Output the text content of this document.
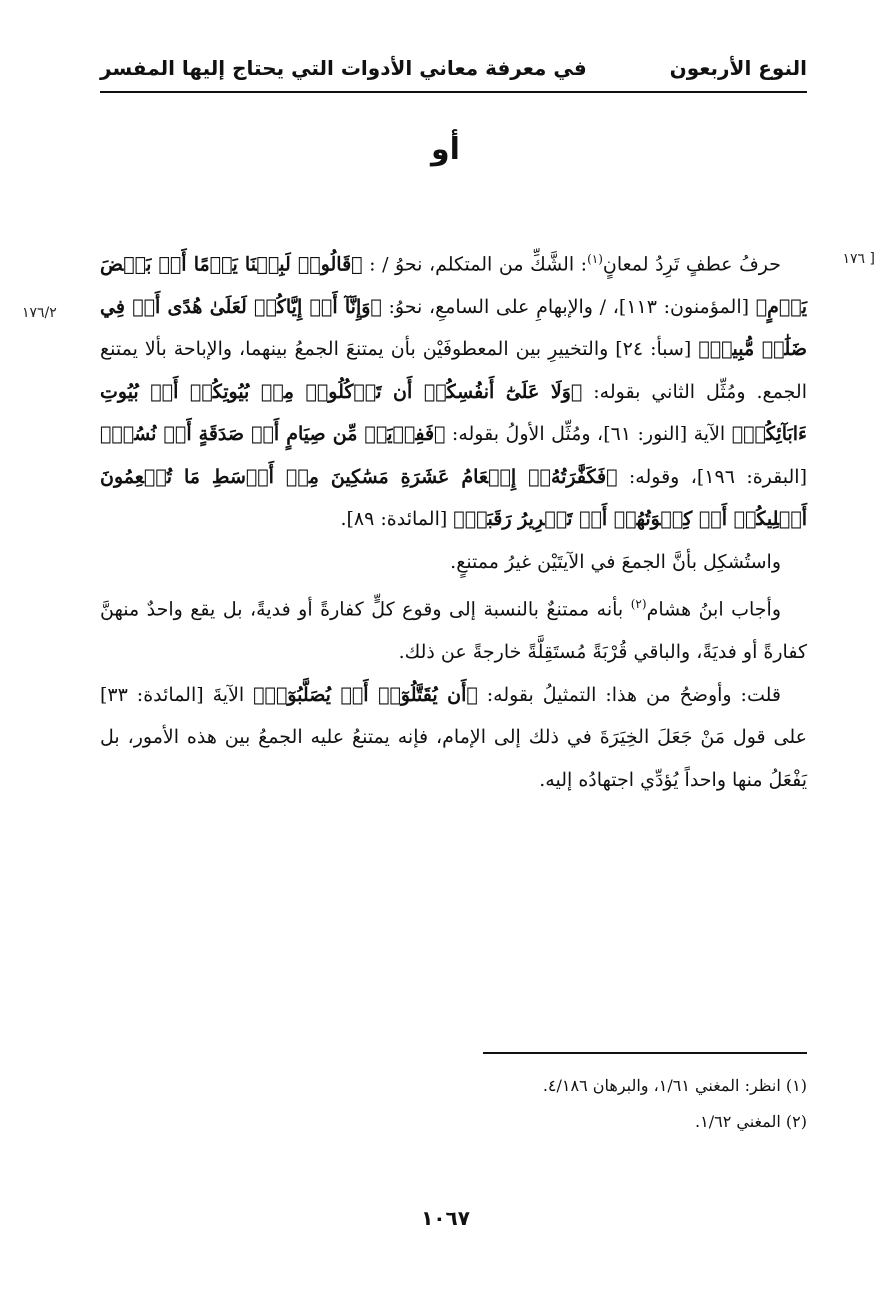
النوع الأربعون
في معرفة معاني الأدوات التي يحتاج إليها المفسر
أو
[ ١٧٦
١٧٦/٢

حرفُ عطفٍ تَرِدُ لمعانٍ$^{(١)}$: الشَّكِّ من المتكلم، نحوُ / : ﴿قَالُوا۟ لَبِثۡنَا يَوۡمًا أَوۡ بَعۡضَ يَوۡمٍ﴾ [المؤمنون: ١١٣]، / والإبهامِ على السامعِ، نحوُ: ﴿وَإِنَّآ أَوۡ إِيَّاكُمۡ لَعَلَىٰ هُدًى أَوۡ فِي ضَلَٰلٖ مُّبِينٖ﴾ [سبأ: ٢٤] والتخييرِ بين المعطوفَيْن بأن يمتنعَ الجمعُ بينهما، والإباحة بألا يمتنع الجمع. ومُثِّل الثاني بقوله: ﴿وَلَا عَلَىٰٓ أَنفُسِكُمۡ أَن تَأۡكُلُوا۟ مِنۢ بُيُوتِكُمۡ أَوۡ بُيُوتِ ءَابَآئِكُمۡ﴾ الآية [النور: ٦١]، ومُثِّل الأولُ بقوله: ﴿فَفِدۡيَةٞ مِّن صِيَامٍ أَوۡ صَدَقَةٍ أَوۡ نُسُكٖ﴾ [البقرة: ١٩٦]، وقوله: ﴿فَكَفَّٰرَتُهُۥٓ إِطۡعَامُ عَشَرَةِ مَسَٰكِينَ مِنۡ أَوۡسَطِ مَا تُطۡعِمُونَ أَهۡلِيكُمۡ أَوۡ كِسۡوَتُهُمۡ أَوۡ تَحۡرِيرُ رَقَبَةٖ﴾ [المائدة: ٨٩].

واستُشكِل بأنَّ الجمعَ في الآيتَيْن غيرُ ممتنعٍ.

وأجاب ابنُ هشام$^{(٢)}$ بأنه ممتنعٌ بالنسبة إلى وقوع كلٍّ كفارةً أو فديةً، بل يقع واحدٌ منهنَّ كفارةً أو فديَةً، والباقي قُرْبَةً مُستَقِلَّةً خارجةً عن ذلك.

قلت: وأوضحُ من هذا: التمثيلُ بقوله: ﴿أَن يُقَتَّلُوٓا۟ أَوۡ يُصَلَّبُوٓا۟﴾ الآيةَ [المائدة: ٣٣] على قول مَنْ جَعَلَ الخِيَرَةَ في ذلك إلى الإمام، فإنه يمتنعُ عليه الجمعُ بين هذه الأمور، بل يَفْعَلُ منها واحداً يُؤدِّي اجتهادُه إليه.

(١) انظر: المغني ١/٦١، والبرهان ٤/١٨٦.

(٢) المغني ١/٦٢.

١٠٦٧
